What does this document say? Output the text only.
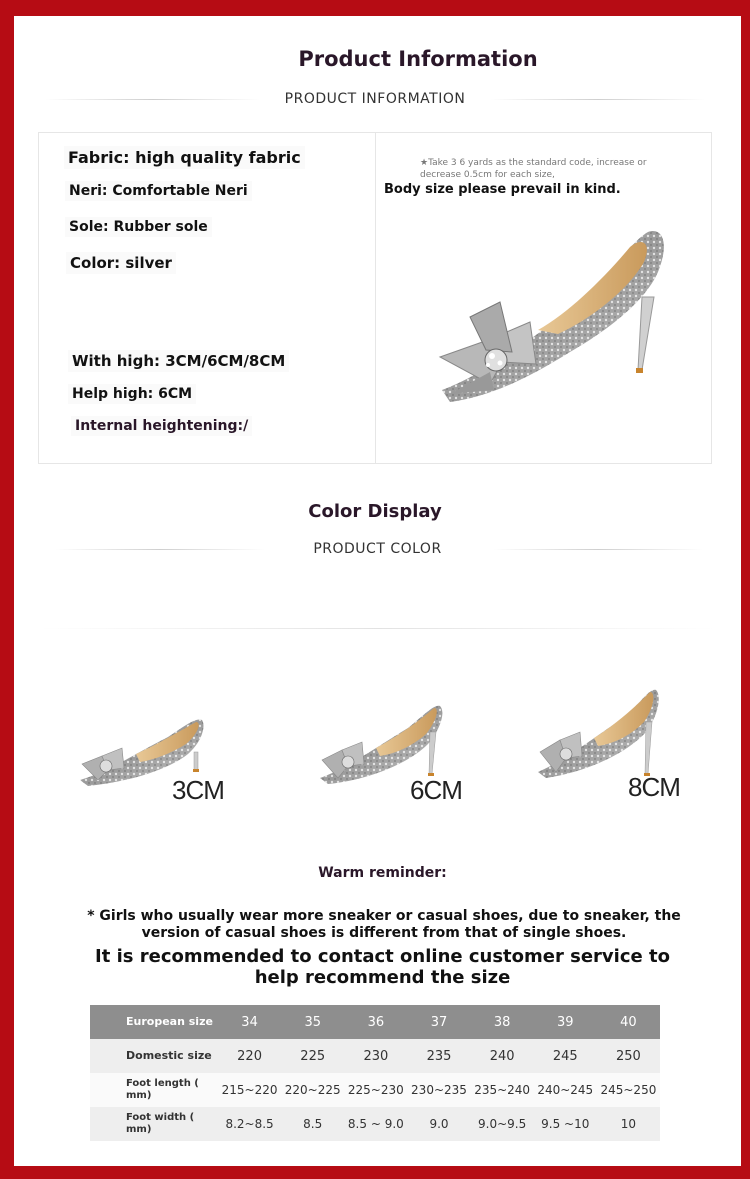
Product Information
PRODUCT INFORMATION
Fabric: high quality fabric
Neri: Comfortable Neri
Sole: Rubber sole
Color: silver
With high: 3CM/6CM/8CM
Help high: 6CM
Internal heightening:/
★Take 3 6 yards as the standard code, increase or decrease 0.5cm for each size,
Body size please prevail in kind.
Color Display
PRODUCT COLOR
3CM	6CM	8CM
Warm reminder:
* Girls who usually wear more sneaker or casual shoes, due to sneaker, the version of casual shoes is different from that of single shoes.
It is recommended to contact online customer service to help recommend the size
European size	34	35	36	37	38	39	40	
Domestic size	220	225	230	235	240	245	250	
Foot length ( mm)	215~220	220~225	225~230	230~235	235~240	240~245	245~250	
Foot width ( mm)	8.2~8.5	8.5	8.5 ~ 9.0	9.0	9.0~9.5	9.5 ~10	10	
